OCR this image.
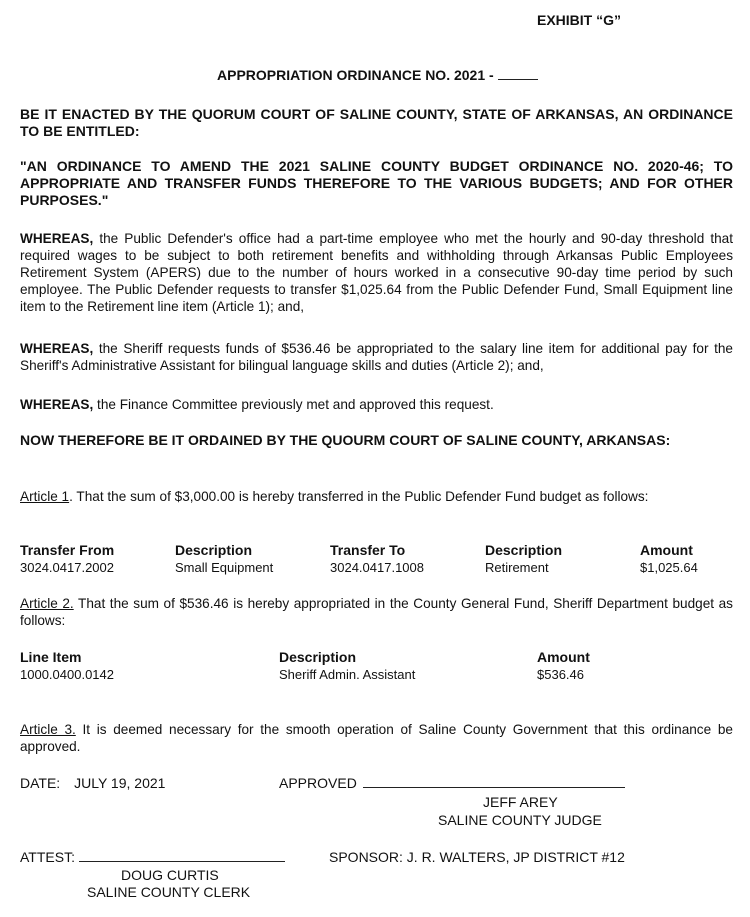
EXHIBIT “G”
APPROPRIATION ORDINANCE NO. 2021 -
BE IT ENACTED BY THE QUORUM COURT OF SALINE COUNTY, STATE OF ARKANSAS, AN ORDINANCE TO BE ENTITLED:
"AN ORDINANCE TO AMEND THE 2021 SALINE COUNTY BUDGET ORDINANCE NO. 2020-46; TO APPROPRIATE AND TRANSFER FUNDS THEREFORE TO THE VARIOUS BUDGETS; AND FOR OTHER PURPOSES."
WHEREAS, the Public Defender's office had a part-time employee who met the hourly and 90-day threshold that required wages to be subject to both retirement benefits and withholding through Arkansas Public Employees Retirement System (APERS) due to the number of hours worked in a consecutive 90-day time period by such employee. The Public Defender requests to transfer $1,025.64 from the Public Defender Fund, Small Equipment line item to the Retirement line item (Article 1); and,
WHEREAS, the Sheriff requests funds of $536.46 be appropriated to the salary line item for additional pay for the Sheriff's Administrative Assistant for bilingual language skills and duties (Article 2); and,
WHEREAS, the Finance Committee previously met and approved this request.
NOW THEREFORE BE IT ORDAINED BY THE QUOURM COURT OF SALINE COUNTY, ARKANSAS:
Article 1. That the sum of $3,000.00 is hereby transferred in the Public Defender Fund budget as follows:
Transfer From	Description	Transfer To	Description	Amount
3024.0417.2002	Small Equipment	3024.0417.1008	Retirement	$1,025.64
Article 2. That the sum of $536.46 is hereby appropriated in the County General Fund, Sheriff Department budget as follows:
Line Item	Description	Amount
1000.0400.0142	Sheriff Admin. Assistant	$536.46
Article 3. It is deemed necessary for the smooth operation of Saline County Government that this ordinance be approved.
DATE: JULY 19, 2021	APPROVED
JEFF AREY
SALINE COUNTY JUDGE
ATTEST:	SPONSOR: J. R. WALTERS, JP DISTRICT #12
DOUG CURTIS
SALINE COUNTY CLERK
